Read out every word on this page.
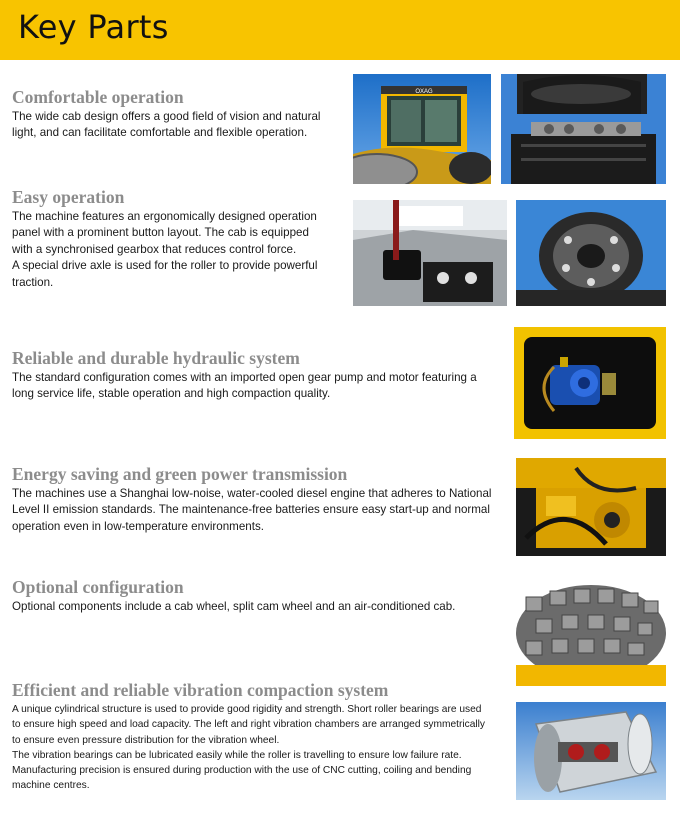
Key Parts
Comfortable operation

The wide cab design offers a good field of vision and natural light, and can facilitate comfortable and flexible operation.

Easy operation

The machine features an ergonomically designed operation panel with a prominent button layout. The cab is equipped with a synchronised gearbox that reduces control force.

A special drive axle is used for the roller to provide powerful traction.

Reliable and durable hydraulic system

The standard configuration comes with an imported open gear pump and motor featuring a long service life, stable operation and high compaction quality.

Energy saving and green power transmission

The machines use a Shanghai low-noise, water-cooled diesel engine that adheres to National Level II emission standards. The maintenance-free batteries ensure easy start-up and normal operation even in low-temperature environments.

Optional configuration

Optional components include a cab wheel, split cam wheel and an air-conditioned cab.

Efficient and reliable vibration compaction system

A unique cylindrical structure is used to provide good rigidity and strength. Short roller bearings are used to ensure high speed and load capacity. The left and right vibration chambers are arranged symmetrically to ensure even pressure distribution for the vibration wheel.

The vibration bearings can be lubricated easily while the roller is travelling to ensure low failure rate.

Manufacturing precision is ensured during production with the use of CNC cutting, coiling and bending machine centres.

OXAG
